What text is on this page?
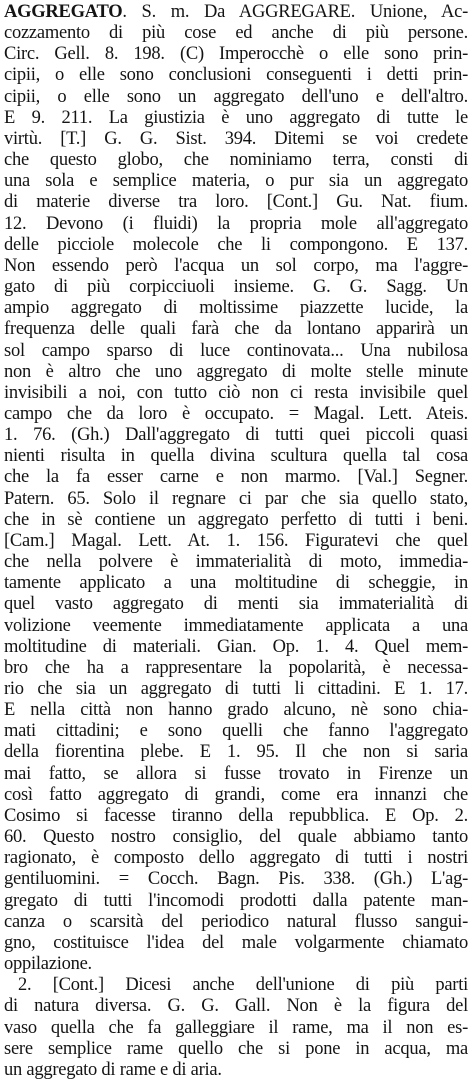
AGGREGATO. S. m. Da AGGREGARE. Unione, Ac-
cozzamento di più cose ed anche di più persone.
Circ. Gell. 8. 198. (C) Imperocchè o elle sono prin-
cipii, o elle sono conclusioni conseguenti i detti prin-
cipii, o elle sono un aggregato dell'uno e dell'altro.
E 9. 211. La giustizia è uno aggregato di tutte le
virtù. [T.] G. G. Sist. 394. Ditemi se voi credete
che questo globo, che nominiamo terra, consti di
una sola e semplice materia, o pur sia un aggregato
di materie diverse tra loro. [Cont.] Gu. Nat. fium.
12. Devono (i fluidi) la propria mole all'aggregato
delle picciole molecole che li compongono. E 137.
Non essendo però l'acqua un sol corpo, ma l'aggre-
gato di più corpicciuoli insieme. G. G. Sagg. Un
ampio aggregato di moltissime piazzette lucide, la
frequenza delle quali farà che da lontano apparirà un
sol campo sparso di luce continovata... Una nubilosa
non è altro che uno aggregato di molte stelle minute
invisibili a noi, con tutto ciò non ci resta invisibile quel
campo che da loro è occupato. = Magal. Lett. Ateis.
1. 76. (Gh.) Dall'aggregato di tutti quei piccoli quasi
nienti risulta in quella divina scultura quella tal cosa
che la fa esser carne e non marmo. [Val.] Segner.
Patern. 65. Solo il regnare ci par che sia quello stato,
che in sè contiene un aggregato perfetto di tutti i beni.
[Cam.] Magal. Lett. At. 1. 156. Figuratevi che quel
che nella polvere è immaterialità di moto, immedia-
tamente applicato a una moltitudine di scheggie, in
quel vasto aggregato di menti sia immaterialità di
volizione veemente immediatamente applicata a una
moltitudine di materiali. Gian. Op. 1. 4. Quel mem-
bro che ha a rappresentare la popolarità, è necessa-
rio che sia un aggregato di tutti li cittadini. E 1. 17.
E nella città non hanno grado alcuno, nè sono chia-
mati cittadini; e sono quelli che fanno l'aggregato
della fiorentina plebe. E 1. 95. Il che non si saria
mai fatto, se allora si fusse trovato in Firenze un
così fatto aggregato di grandi, come era innanzi che
Cosimo si facesse tiranno della repubblica. E Op. 2.
60. Questo nostro consiglio, del quale abbiamo tanto
ragionato, è composto dello aggregato di tutti i nostri
gentiluomini. = Cocch. Bagn. Pis. 338. (Gh.) L'ag-
gregato di tutti l'incomodi prodotti dalla patente man-
canza o scarsità del periodico natural flusso sangui-
gno, costituisce l'idea del male volgarmente chiamato
oppilazione.
2. [Cont.] Dicesi anche dell'unione di più parti
di natura diversa. G. G. Gall. Non è la figura del
vaso quella che fa galleggiare il rame, ma il non es-
sere semplice rame quello che si pone in acqua, ma
un aggregato di rame e di aria.
